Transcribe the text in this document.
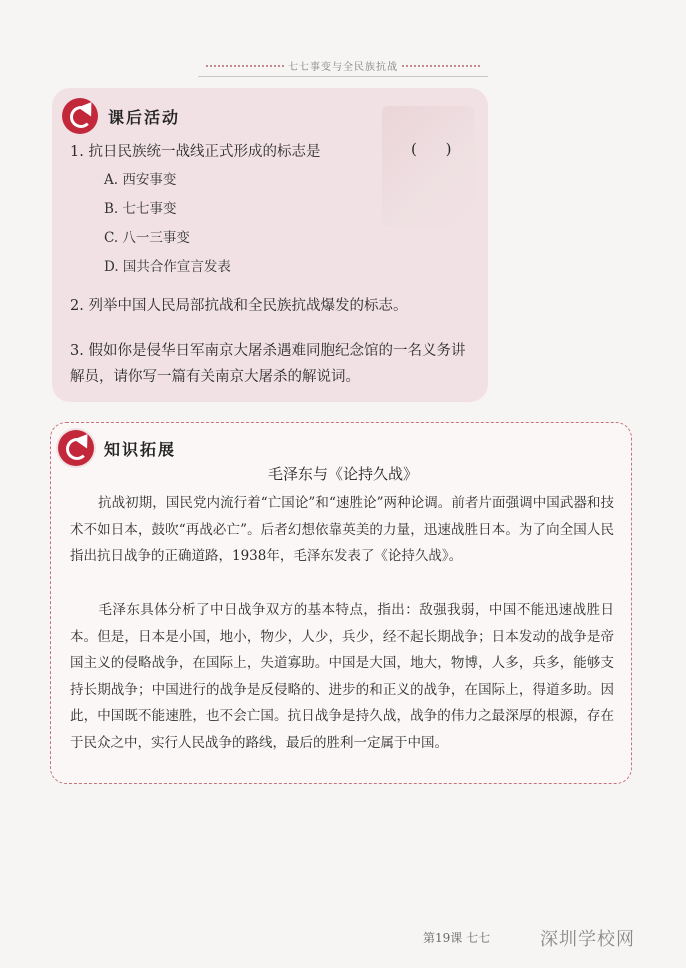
七七事变与全民族抗战
课后活动
1. 抗日民族统一战线正式形成的标志是	( )
A. 西安事变
B. 七七事变
C. 八一三事变
D. 国共合作宣言发表
2. 列举中国人民局部抗战和全民族抗战爆发的标志。
3. 假如你是侵华日军南京大屠杀遇难同胞纪念馆的一名义务讲解员，请你写一篇有关南京大屠杀的解说词。
知识拓展
毛泽东与《论持久战》
抗战初期，国民党内流行着“亡国论”和“速胜论”两种论调。前者片面强调中国武器和技术不如日本，鼓吹“再战必亡”。后者幻想依靠英美的力量，迅速战胜日本。为了向全国人民指出抗日战争的正确道路，1938年，毛泽东发表了《论持久战》。
毛泽东具体分析了中日战争双方的基本特点，指出：敌强我弱，中国不能迅速战胜日本。但是，日本是小国，地小，物少，人少，兵少，经不起长期战争；日本发动的战争是帝国主义的侵略战争，在国际上，失道寡助。中国是大国，地大，物博，人多，兵多，能够支持长期战争；中国进行的战争是反侵略的、进步的和正义的战争，在国际上，得道多助。因此，中国既不能速胜，也不会亡国。抗日战争是持久战，战争的伟力之最深厚的根源，存在于民众之中，实行人民战争的路线，最后的胜利一定属于中国。
第19课 七七	深圳学校网
